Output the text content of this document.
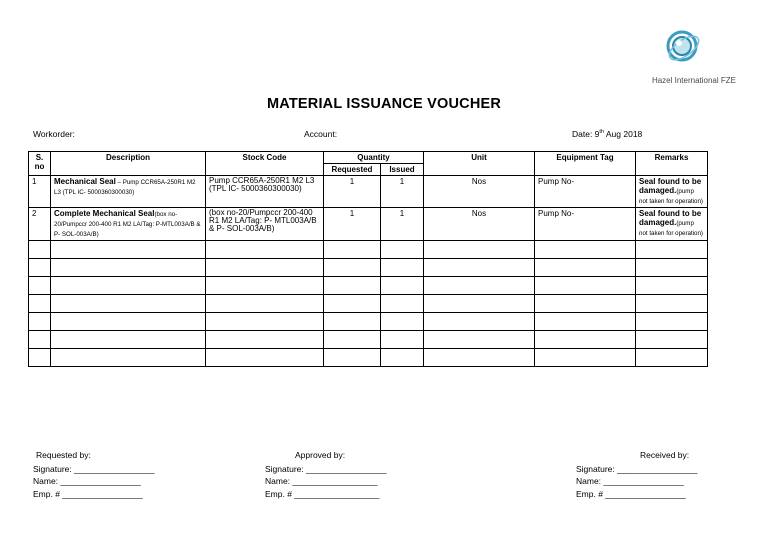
Hazel International FZE
MATERIAL ISSUANCE VOUCHER
Workorder:	Account:	Date: 9th Aug 2018
S. no	Description	Stock Code	Quantity		Unit	Equipment Tag	Remarks
			Requested	Issued			
1	Mechanical Seal – Pump CCR65A-250R1 M2 L3 (TPL IC- 5000360300030)	Pump CCR65A-250R1 M2 L3 (TPL IC- 5000360300030)	1	1	Nos	Pump No-	Seal found to be damaged.(pump not taken for operation)
2	Complete Mechanical Seal(box no-20/Pumpccr 200-400 R1 M2 LA/Tag: P-MTL003A/B & P- SOL-003A/B)	(box no-20/Pumpccr 200-400 R1 M2 LA/Tag: P- MTL003A/B & P- SOL-003A/B)	1	1	Nos	Pump No-	Seal found to be damaged.(pump not taken for operation)

Requested by:
Signature: _________________
Name: _________________
Emp. # _________________
Approved by:
Signature: _________________
Name: __________________
Emp. # __________________
Received by:
Signature: _________________
Name: _________________
Emp. # _________________
